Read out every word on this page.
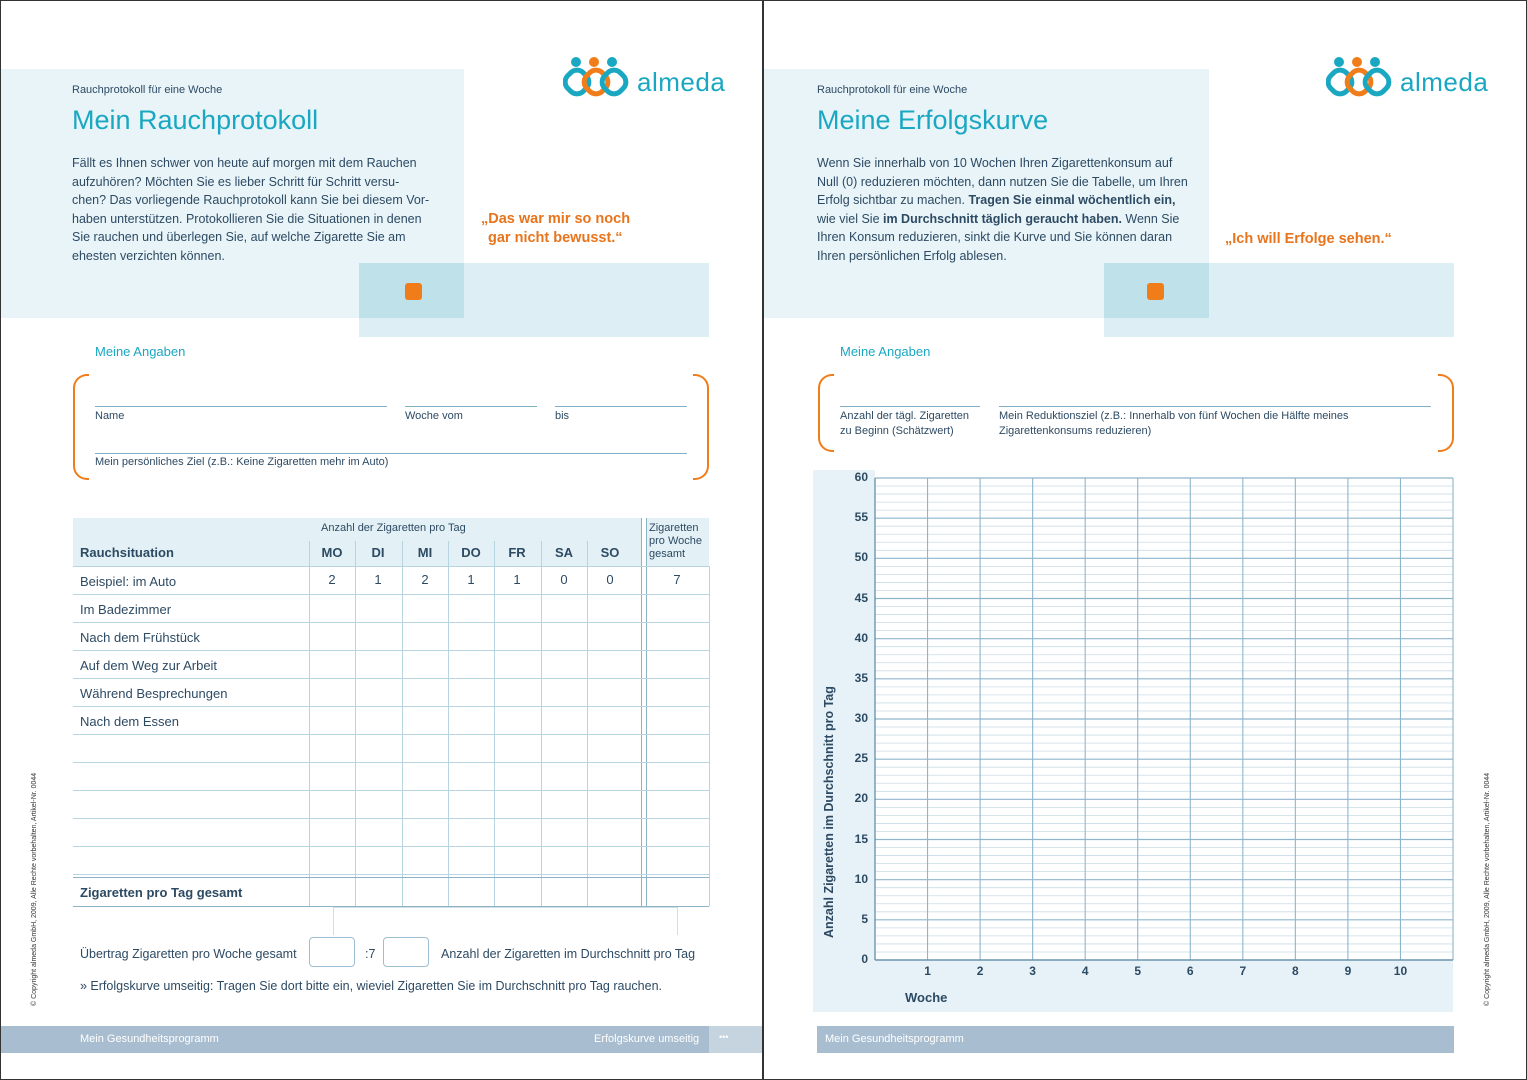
almeda
Rauchprotokoll für eine Woche
Mein Rauchprotokoll
Fällt es Ihnen schwer von heute auf morgen mit dem Rauchen
aufzuhören? Möchten Sie es lieber Schritt für Schritt versu-
chen? Das vorliegende Rauchprotokoll kann Sie bei diesem Vor-
haben unterstützen. Protokollieren Sie die Situationen in denen
Sie rauchen und überlegen Sie, auf welche Zigarette Sie am
ehesten verzichten können.
„Das war mir so noch
gar nicht bewusst.“
Meine Angaben
Name	Woche vom	bis
Mein persönliches Ziel (z.B.: Keine Zigaretten mehr im Auto)
Anzahl der Zigaretten pro Tag
Rauchsituation
Zigaretten
pro Woche
gesamt
MO	DI	MI	DO	FR	SA	SO
Beispiel: im Auto	2	1	2	1	1	0	0	7
Im Badezimmer
Nach dem Frühstück
Auf dem Weg zur Arbeit
Während Besprechungen
Nach dem Essen
Zigaretten pro Tag gesamt
Übertrag Zigaretten pro Woche gesamt	:7	Anzahl der Zigaretten im Durchschnitt pro Tag
» Erfolgskurve umseitig: Tragen Sie dort bitte ein, wieviel Zigaretten Sie im Durchschnitt pro Tag rauchen.
Mein Gesundheitsprogramm	Erfolgskurve umseitig •••
© Copyright almeda GmbH, 2009, Alle Rechte vorbehalten, Artikel-Nr. 0044
almeda
Rauchprotokoll für eine Woche
Meine Erfolgskurve
Wenn Sie innerhalb von 10 Wochen Ihren Zigarettenkonsum auf
Null (0) reduzieren möchten, dann nutzen Sie die Tabelle, um Ihren
Erfolg sichtbar zu machen. Tragen Sie einmal wöchentlich ein,
wie viel Sie im Durchschnitt täglich geraucht haben. Wenn Sie
Ihren Konsum reduzieren, sinkt die Kurve und Sie können daran
Ihren persönlichen Erfolg ablesen.
„Ich will Erfolge sehen.“
Meine Angaben
Anzahl der tägl. Zigaretten
zu Beginn (Schätzwert)
Mein Reduktionsziel (z.B.: Innerhalb von fünf Wochen die Hälfte meines
Zigarettenkonsums reduzieren)
Mein Gesundheitsprogramm
© Copyright almeda GmbH, 2009, Alle Rechte vorbehalten, Artikel-Nr. 0044
Anzahl Zigaretten im Durchschnitt pro Tag
Woche
0
5
10
15
20
25
30
35
40
45
50
55
60
1	2	3	4	5	6	7	8	9	10
